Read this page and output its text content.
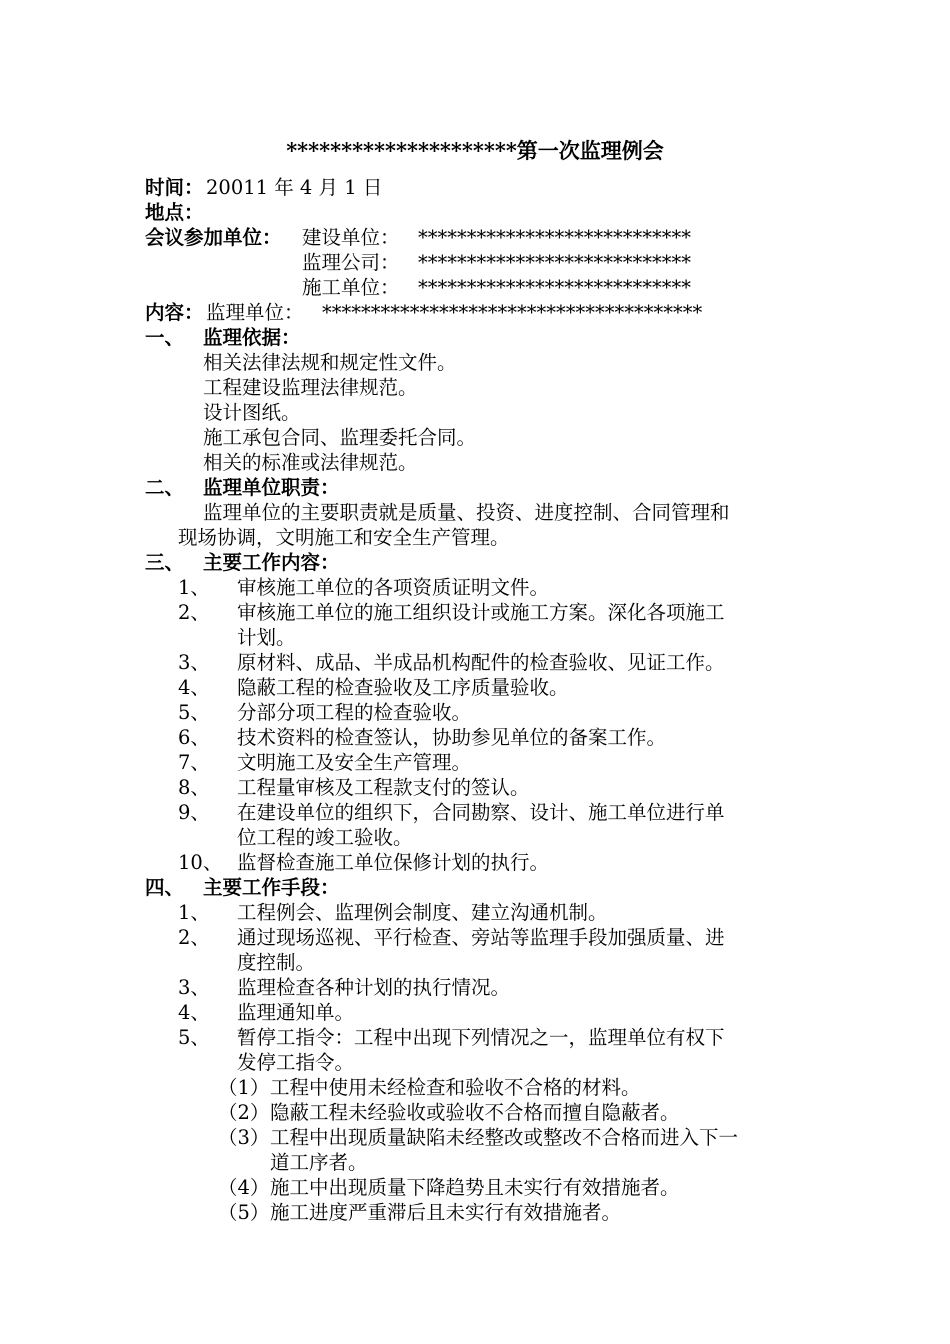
*********************第一次监理例会
时间： 20011 年 4 月 1 日
地点：
会议参加单位： 建设单位： ****************************
监理公司： ****************************
施工单位： ****************************
内容： 监理单位： ***************************************
一、 监理依据：
相关法律法规和规定性文件。
工程建设监理法律规范。
设计图纸。
施工承包合同、监理委托合同。
相关的标准或法律规范。
二、 监理单位职责：
监理单位的主要职责就是质量、投资、进度控制、合同管理和
现场协调，文明施工和安全生产管理。
三、 主要工作内容：
1、 审核施工单位的各项资质证明文件。
2、 审核施工单位的施工组织设计或施工方案。深化各项施工
计划。
3、 原材料、成品、半成品机构配件的检查验收、见证工作。
4、 隐蔽工程的检查验收及工序质量验收。
5、 分部分项工程的检查验收。
6、 技术资料的检查签认，协助参见单位的备案工作。
7、 文明施工及安全生产管理。
8、 工程量审核及工程款支付的签认。
9、 在建设单位的组织下，合同勘察、设计、施工单位进行单
位工程的竣工验收。
10、 监督检查施工单位保修计划的执行。
四、 主要工作手段：
1、 工程例会、监理例会制度、建立沟通机制。
2、 通过现场巡视、平行检查、旁站等监理手段加强质量、进
度控制。
3、 监理检查各种计划的执行情况。
4、 监理通知单。
5、 暂停工指令：工程中出现下列情况之一，监理单位有权下
发停工指令。
（1） 工程中使用未经检查和验收不合格的材料。
（2） 隐蔽工程未经验收或验收不合格而擅自隐蔽者。
（3） 工程中出现质量缺陷未经整改或整改不合格而进入下一
道工序者。
（4） 施工中出现质量下降趋势且未实行有效措施者。
（5） 施工进度严重滞后且未实行有效措施者。
